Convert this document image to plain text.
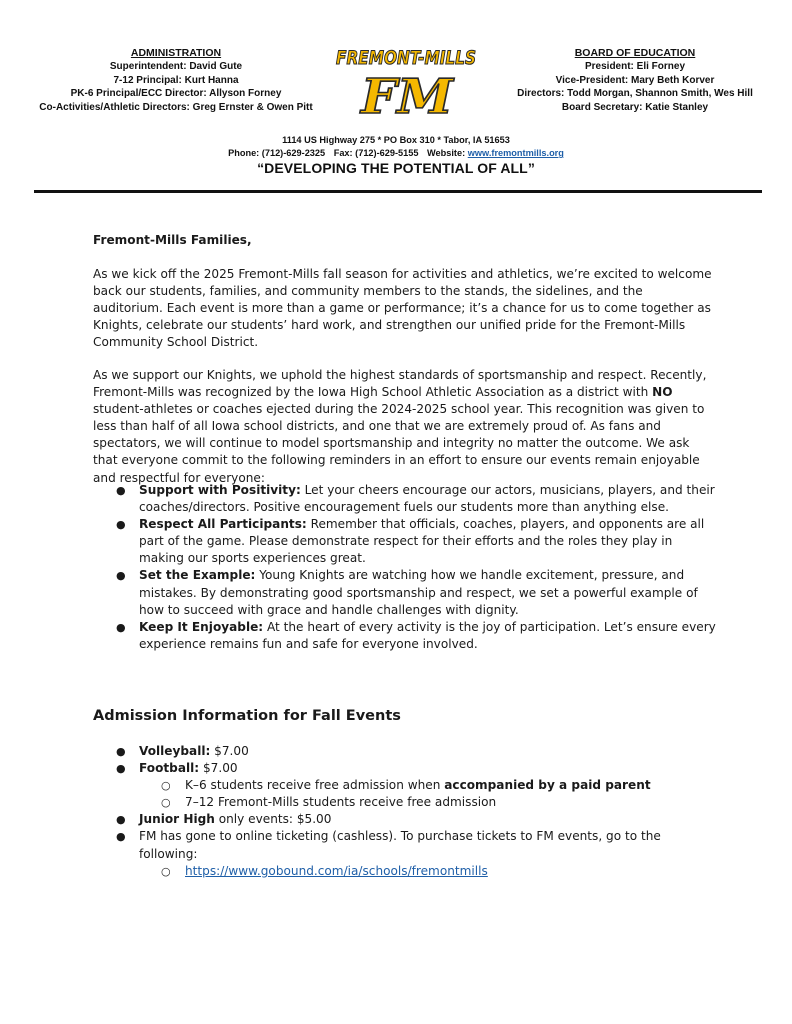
ADMINISTRATION
Superintendent: David Gute
7-12 Principal: Kurt Hanna
PK-6 Principal/ECC Director: Allyson Forney
Co-Activities/Athletic Directors: Greg Ernster & Owen Pitt
FREMONT-MILLS
FM
BOARD OF EDUCATION
President: Eli Forney
Vice-President: Mary Beth Korver
Directors: Todd Morgan, Shannon Smith, Wes Hill
Board Secretary: Katie Stanley
1114 US Highway 275 * PO Box 310 * Tabor, IA 51653
Phone: (712)-629-2325 Fax: (712)-629-5155 Website: www.fremontmills.org
“DEVELOPING THE POTENTIAL OF ALL”
Fremont-Mills Families,
As we kick off the 2025 Fremont-Mills fall season for activities and athletics, we’re excited to welcome back our students, families, and community members to the stands, the sidelines, and the auditorium. Each event is more than a game or performance; it’s a chance for us to come together as Knights, celebrate our students’ hard work, and strengthen our unified pride for the Fremont-Mills Community School District.
As we support our Knights, we uphold the highest standards of sportsmanship and respect. Recently, Fremont-Mills was recognized by the Iowa High School Athletic Association as a district with NO student-athletes or coaches ejected during the 2024-2025 school year. This recognition was given to less than half of all Iowa school districts, and one that we are extremely proud of. As fans and spectators, we will continue to model sportsmanship and integrity no matter the outcome. We ask that everyone commit to the following reminders in an effort to ensure our events remain enjoyable and respectful for everyone:
● Support with Positivity: Let your cheers encourage our actors, musicians, players, and their coaches/directors. Positive encouragement fuels our students more than anything else.
● Respect All Participants: Remember that officials, coaches, players, and opponents are all part of the game. Please demonstrate respect for their efforts and the roles they play in making our sports experiences great.
● Set the Example: Young Knights are watching how we handle excitement, pressure, and mistakes. By demonstrating good sportsmanship and respect, we set a powerful example of how to succeed with grace and handle challenges with dignity.
● Keep It Enjoyable: At the heart of every activity is the joy of participation. Let’s ensure every experience remains fun and safe for everyone involved.
Admission Information for Fall Events
● Volleyball: $7.00
● Football: $7.00
○ K–6 students receive free admission when accompanied by a paid parent
○ 7–12 Fremont-Mills students receive free admission
● Junior High only events: $5.00
● FM has gone to online ticketing (cashless). To purchase tickets to FM events, go to the following:
○ https://www.gobound.com/ia/schools/fremontmills
